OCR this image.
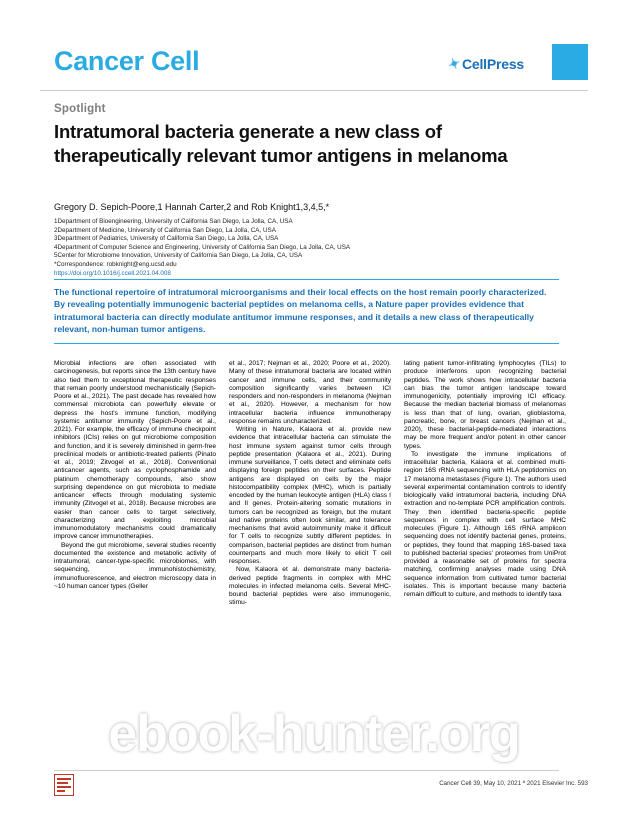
Cancer Cell	✦CellPress
Spotlight
Intratumoral bacteria generate a new class of therapeutically relevant tumor antigens in melanoma
Gregory D. Sepich-Poore,1 Hannah Carter,2 and Rob Knight1,3,4,5,*
1Department of Bioengineering, University of California San Diego, La Jolla, CA, USA
2Department of Medicine, University of California San Diego, La Jolla, CA, USA
3Department of Pediatrics, University of California San Diego, La Jolla, CA, USA
4Department of Computer Science and Engineering, University of California San Diego, La Jolla, CA, USA
5Center for Microbiome Innovation, University of California San Diego, La Jolla, CA, USA
*Correspondence: robknight@eng.ucsd.edu
https://doi.org/10.1016/j.ccell.2021.04.008
The functional repertoire of intratumoral microorganisms and their local effects on the host remain poorly characterized. By revealing potentially immunogenic bacterial peptides on melanoma cells, a Nature paper provides evidence that intratumoral bacteria can directly modulate antitumor immune responses, and it details a new class of therapeutically relevant, non-human tumor antigens.

Microbial infections are often associated with carcinogenesis, but reports since the 13th century have also tied them to exceptional therapeutic responses that remain poorly understood mechanistically (Sepich-Poore et al., 2021). The past decade has revealed how commensal microbiota can powerfully elevate or depress the host's immune function, modifying systemic antitumor immunity (Sepich-Poore et al., 2021). For example, the efficacy of immune checkpoint inhibitors (ICIs) relies on gut microbiome composition and function, and it is severely diminished in germ-free preclinical models or antibiotic-treated patients (Pinato et al., 2019; Zitvogel et al., 2018). Conventional anticancer agents, such as cyclophosphamide and platinum chemotherapy compounds, also show surprising dependence on gut microbiota to mediate anticancer effects through modulating systemic immunity (Zitvogel et al., 2018). Because microbes are easier than cancer cells to target selectively, characterizing and exploiting microbial immunomodulatory mechanisms could dramatically improve cancer immunotherapies.

Beyond the gut microbiome, several studies recently documented the existence and metabolic activity of intratumoral, cancer-type-specific microbiomes, with sequencing, immunohistochemistry, immunofluorescence, and electron microscopy data in ~10 human cancer types (Geller

et al., 2017; Nejman et al., 2020; Poore et al., 2020). Many of these intratumoral bacteria are located within cancer and immune cells, and their community composition significantly varies between ICI responders and non-responders in melanoma (Nejman et al., 2020). However, a mechanism for how intracellular bacteria influence immunotherapy response remains uncharacterized.

Writing in Nature, Kalaora et al. provide new evidence that intracellular bacteria can stimulate the host immune system against tumor cells through peptide presentation (Kalaora et al., 2021). During immune surveillance, T cells detect and eliminate cells displaying foreign peptides on their surfaces. Peptide antigens are displayed on cells by the major histocompatibility complex (MHC), which is partially encoded by the human leukocyte antigen (HLA) class I and II genes. Protein-altering somatic mutations in tumors can be recognized as foreign, but the mutant and native proteins often look similar, and tolerance mechanisms that avoid autoimmunity make it difficult for T cells to recognize subtly different peptides. In comparison, bacterial peptides are distinct from human counterparts and much more likely to elicit T cell responses.

Now, Kalaora et al. demonstrate many bacteria-derived peptide fragments in complex with MHC molecules in infected melanoma cells. Several MHC-bound bacterial peptides were also immunogenic, stimu-

lating patient tumor-infiltrating lymphocytes (TILs) to produce interferons upon recognizing bacterial peptides. The work shows how intracellular bacteria can bias the tumor antigen landscape toward immunogenicity, potentially improving ICI efficacy. Because the median bacterial biomass of melanomas is less than that of lung, ovarian, glioblastoma, pancreatic, bone, or breast cancers (Nejman et al., 2020), these bacterial-peptide-mediated interactions may be more frequent and/or potent in other cancer types.

To investigate the immune implications of intracellular bacteria, Kalaora et al. combined multi-region 16S rRNA sequencing with HLA peptidomics on 17 melanoma metastases (Figure 1). The authors used several experimental contamination controls to identify biologically valid intratumoral bacteria, including DNA extraction and no-template PCR amplification controls. They then identified bacteria-specific peptide sequences in complex with cell surface MHC molecules (Figure 1). Although 16S rRNA amplicon sequencing does not identify bacterial genes, proteins, or peptides, they found that mapping 16S-based taxa to published bacterial species' proteomes from UniProt provided a reasonable set of proteins for spectra matching, confirming analyses made using DNA sequence information from cultivated tumor bacterial isolates. This is important because many bacteria remain difficult to culture, and methods to identify taxa

Cancer Cell 39, May 10, 2021 ª 2021 Elsevier Inc. 593
ebook-hunter.org
